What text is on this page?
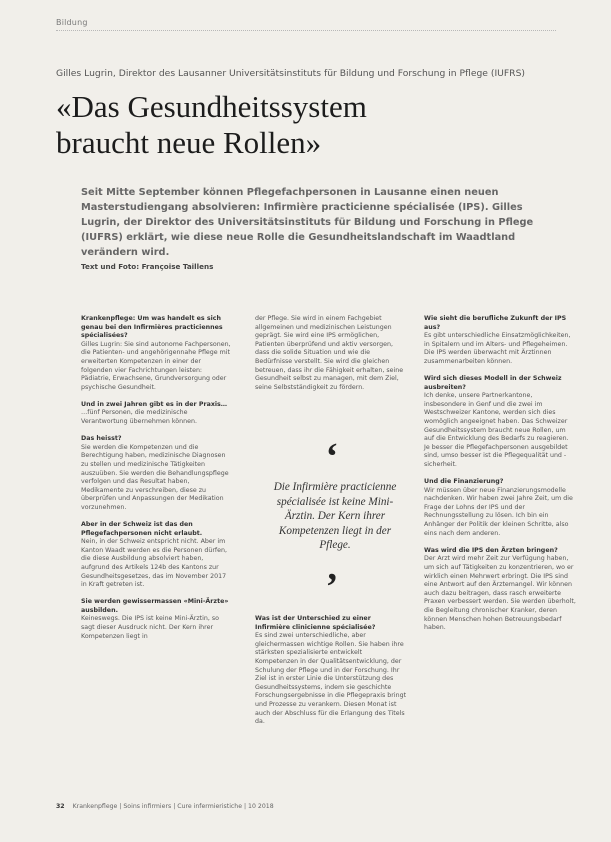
Bildung
Gilles Lugrin, Direktor des Lausanner Universitätsinstituts für Bildung und Forschung in Pflege (IUFRS)
«Das Gesundheitssystem
braucht neue Rollen»
Seit Mitte September können Pflegefachpersonen in Lausanne einen neuen Masterstudiengang absolvieren: Infirmière practicienne spécialisée (IPS). Gilles Lugrin, der Direktor des Universitätsinstituts für Bildung und Forschung in Pflege (IUFRS) erklärt, wie diese neue Rolle die Gesundheitslandschaft im Waadtland verändern wird.
Text und Foto: Françoise Taillens

Krankenpflege: Um was handelt es sich genau bei den Infirmières practiciennes spécialisées?
Gilles Lugrin: Sie sind autonome Fachpersonen, die Patienten- und angehörigennahe Pflege mit erweiterten Kompetenzen in einer der folgenden vier Fachrichtungen leisten: Pädiatrie, Erwachsene, Grundversorgung oder psychische Gesundheit.

Und in zwei Jahren gibt es in der Praxis…
…fünf Personen, die medizinische Verantwortung übernehmen können.

Das heisst?
Sie werden die Kompetenzen und die Berechtigung haben, medizinische Diagnosen zu stellen und medizinische Tätigkeiten auszuüben. Sie werden die Behandlungspflege verfolgen und das Resultat haben, Medikamente zu verschreiben, diese zu überprüfen und Anpassungen der Medikation vorzunehmen.

Aber in der Schweiz ist das den Pflegefachpersonen nicht erlaubt.
Nein, in der Schweiz entspricht nicht. Aber im Kanton Waadt werden es die Personen dürfen, die diese Ausbildung absolviert haben, aufgrund des Artikels 124b des Kantons zur Gesundheitsgesetzes, das im November 2017 in Kraft getreten ist.

Sie werden gewissermassen «Mini-Ärzte» ausbilden.
Keineswegs. Die IPS ist keine Mini-Ärztin, so sagt dieser Ausdruck nicht. Der Kern ihrer Kompetenzen liegt in

der Pflege. Sie wird in einem Fachgebiet allgemeinen und medizinischen Leistungen geprägt. Sie wird eine IPS ermöglichen, Patienten überprüfend und aktiv versorgen, dass die solide Situation und wie die Bedürfnisse verstellt. Sie wird die gleichen betreuen, dass ihr die Fähigkeit erhalten, seine Gesundheit selbst zu managen, mit dem Ziel, seine Selbstständigkeit zu fördern.

Was ist der Unterschied zu einer Infirmière clinicienne spécialisée?
Es sind zwei unterschiedliche, aber gleichermassen wichtige Rollen. Sie haben ihre stärksten spezialisierte entwickelt Kompetenzen in der Qualitätsentwicklung, der Schulung der Pflege und in der Forschung. Ihr Ziel ist in erster Linie die Unterstützung des Gesundheitssystems, indem sie geschichte Forschungsergebnisse in die Pflegepraxis bringt und Prozesse zu verankern. Diesen Monat ist auch der Abschluss für die Erlangung des Titels da.
‘
Die Infirmière practicienne spécialisée ist keine Mini-Ärztin. Der Kern ihrer Kompetenzen liegt in der Pflege.
’

Wie sieht die berufliche Zukunft der IPS aus?
Es gibt unterschiedliche Einsatzmöglichkeiten, in Spitalern und im Alters- und Pflegeheimen. Die IPS werden überwacht mit Ärztinnen zusammenarbeiten können.

Wird sich dieses Modell in der Schweiz ausbreiten?
Ich denke, unsere Partnerkantone, insbesondere in Genf und die zwei im Westschweizer Kantone, werden sich dies womöglich angeeignet haben. Das Schweizer Gesundheitssystem braucht neue Rollen, um auf die Entwicklung des Bedarfs zu reagieren. Je besser die Pflegefachpersonen ausgebildet sind, umso besser ist die Pflegequalität und -sicherheit.

Und die Finanzierung?
Wir müssen über neue Finanzierungsmodelle nachdenken. Wir haben zwei Jahre Zeit, um die Frage der Lohns der IPS und der Rechnungsstellung zu lösen. Ich bin ein Anhänger der Politik der kleinen Schritte, also eins nach dem anderen.

Was wird die IPS den Ärzten bringen?
Der Arzt wird mehr Zeit zur Verfügung haben, um sich auf Tätigkeiten zu konzentrieren, wo er wirklich einen Mehrwert erbringt. Die IPS sind eine Antwort auf den Ärztemangel. Wir können auch dazu beitragen, dass rasch erweiterte Praxen verbessert werden. Sie werden überholt, die Begleitung chronischer Kranker, deren können Menschen hohen Betreuungsbedarf haben.

32 Krankenpflege | Soins infirmiers | Cure infermieristiche | 10 2018
